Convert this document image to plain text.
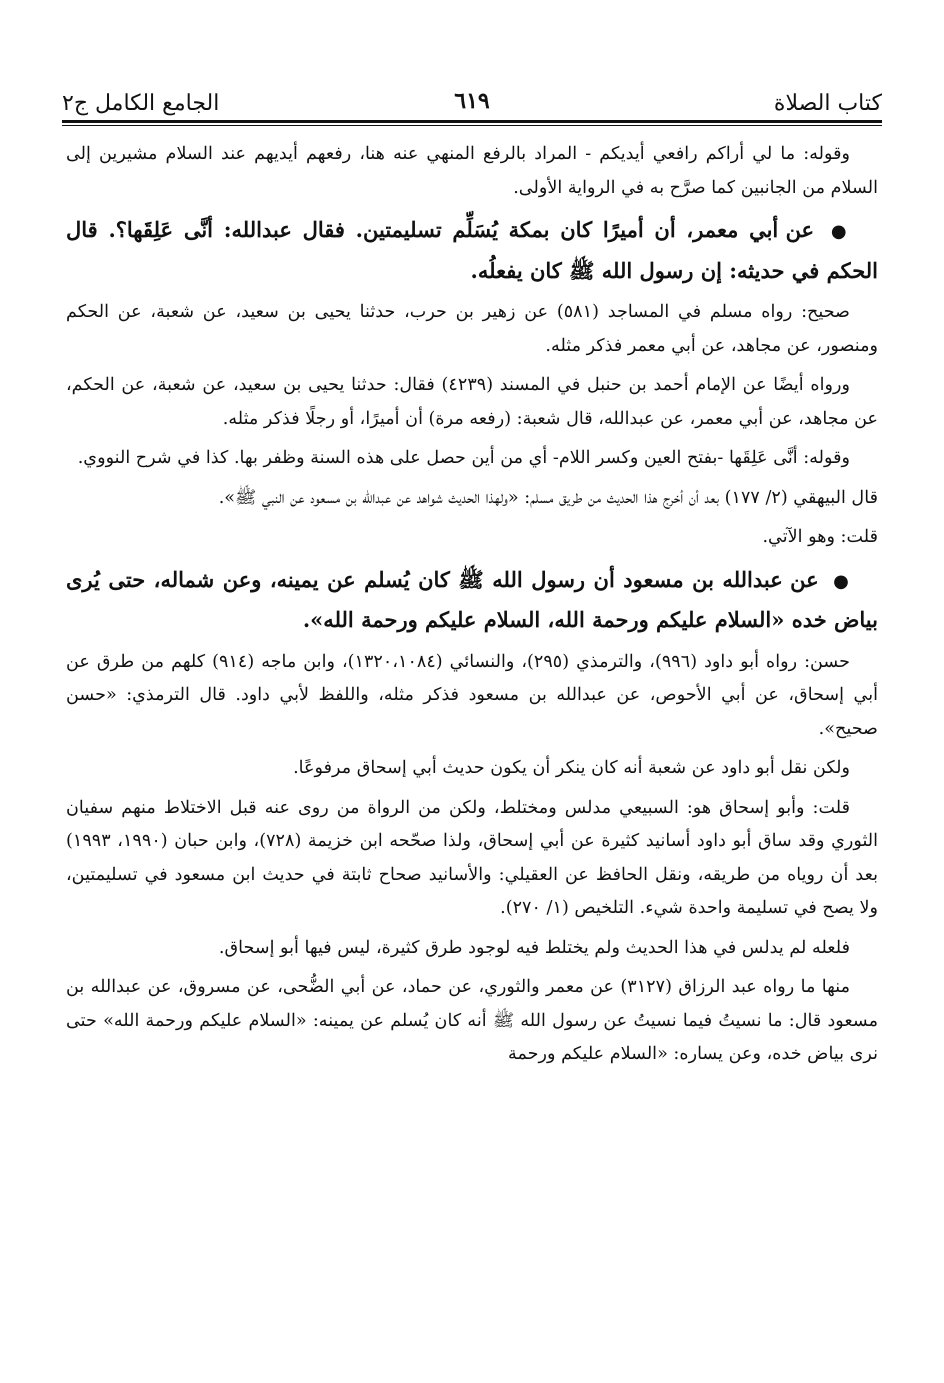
كتاب الصلاة
٦١٩
الجامع الكامل ج٢

وقوله: ما لي أراكم رافعي أيديكم - المراد بالرفع المنهي عنه هنا، رفعهم أيديهم عند السلام مشيرين إلى السلام من الجانبين كما صرَّح به في الرواية الأولى.

● عن أبي معمر، أن أميرًا كان بمكة يُسَلِّم تسليمتين. فقال عبدالله: أنَّى عَلِقَها؟. قال الحكم في حديثه: إن رسول الله ﷺ كان يفعلُه.

صحيح: رواه مسلم في المساجد (٥٨١) عن زهير بن حرب، حدثنا يحيى بن سعيد، عن شعبة، عن الحكم ومنصور، عن مجاهد، عن أبي معمر فذكر مثله.

ورواه أيضًا عن الإمام أحمد بن حنبل في المسند (٤٢٣٩) فقال: حدثنا يحيى بن سعيد، عن شعبة، عن الحكم، عن مجاهد، عن أبي معمر، عن عبدالله، قال شعبة: (رفعه مرة) أن أميرًا، أو رجلًا فذكر مثله.

وقوله: أنَّى عَلِقَها -بفتح العين وكسر اللام- أي من أين حصل على هذه السنة وظفر بها. كذا في شرح النووي.

قال البيهقي (٢/ ١٧٧) بعد أن أخرج هذا الحديث من طريق مسلم: «ولهذا الحديث شواهد عن عبدالله بن مسعود عن النبي ﷺ».

قلت: وهو الآتي.

● عن عبدالله بن مسعود أن رسول الله ﷺ كان يُسلم عن يمينه، وعن شماله، حتى يُرى بياض خده «السلام عليكم ورحمة الله، السلام عليكم ورحمة الله».

حسن: رواه أبو داود (٩٩٦)، والترمذي (٢٩٥)، والنسائي (١٣٢٠،١٠٨٤)، وابن ماجه (٩١٤) كلهم من طرق عن أبي إسحاق، عن أبي الأحوص، عن عبدالله بن مسعود فذكر مثله، واللفظ لأبي داود. قال الترمذي: «حسن صحيح».

ولكن نقل أبو داود عن شعبة أنه كان ينكر أن يكون حديث أبي إسحاق مرفوعًا.

قلت: وأبو إسحاق هو: السبيعي مدلس ومختلط، ولكن من الرواة من روى عنه قبل الاختلاط منهم سفيان الثوري وقد ساق أبو داود أسانيد كثيرة عن أبي إسحاق، ولذا صحّحه ابن خزيمة (٧٢٨)، وابن حبان (١٩٩٠، ١٩٩٣) بعد أن روياه من طريقه، ونقل الحافظ عن العقيلي: والأسانيد صحاح ثابتة في حديث ابن مسعود في تسليمتين، ولا يصح في تسليمة واحدة شيء. التلخيص (١/ ٢٧٠).

فلعله لم يدلس في هذا الحديث ولم يختلط فيه لوجود طرق كثيرة، ليس فيها أبو إسحاق.

منها ما رواه عبد الرزاق (٣١٢٧) عن معمر والثوري، عن حماد، عن أبي الضُّحى، عن مسروق، عن عبدالله بن مسعود قال: ما نسيتُ فيما نسيتُ عن رسول الله ﷺ أنه كان يُسلم عن يمينه: «السلام عليكم ورحمة الله» حتى نرى بياض خده، وعن يساره: «السلام عليكم ورحمة
